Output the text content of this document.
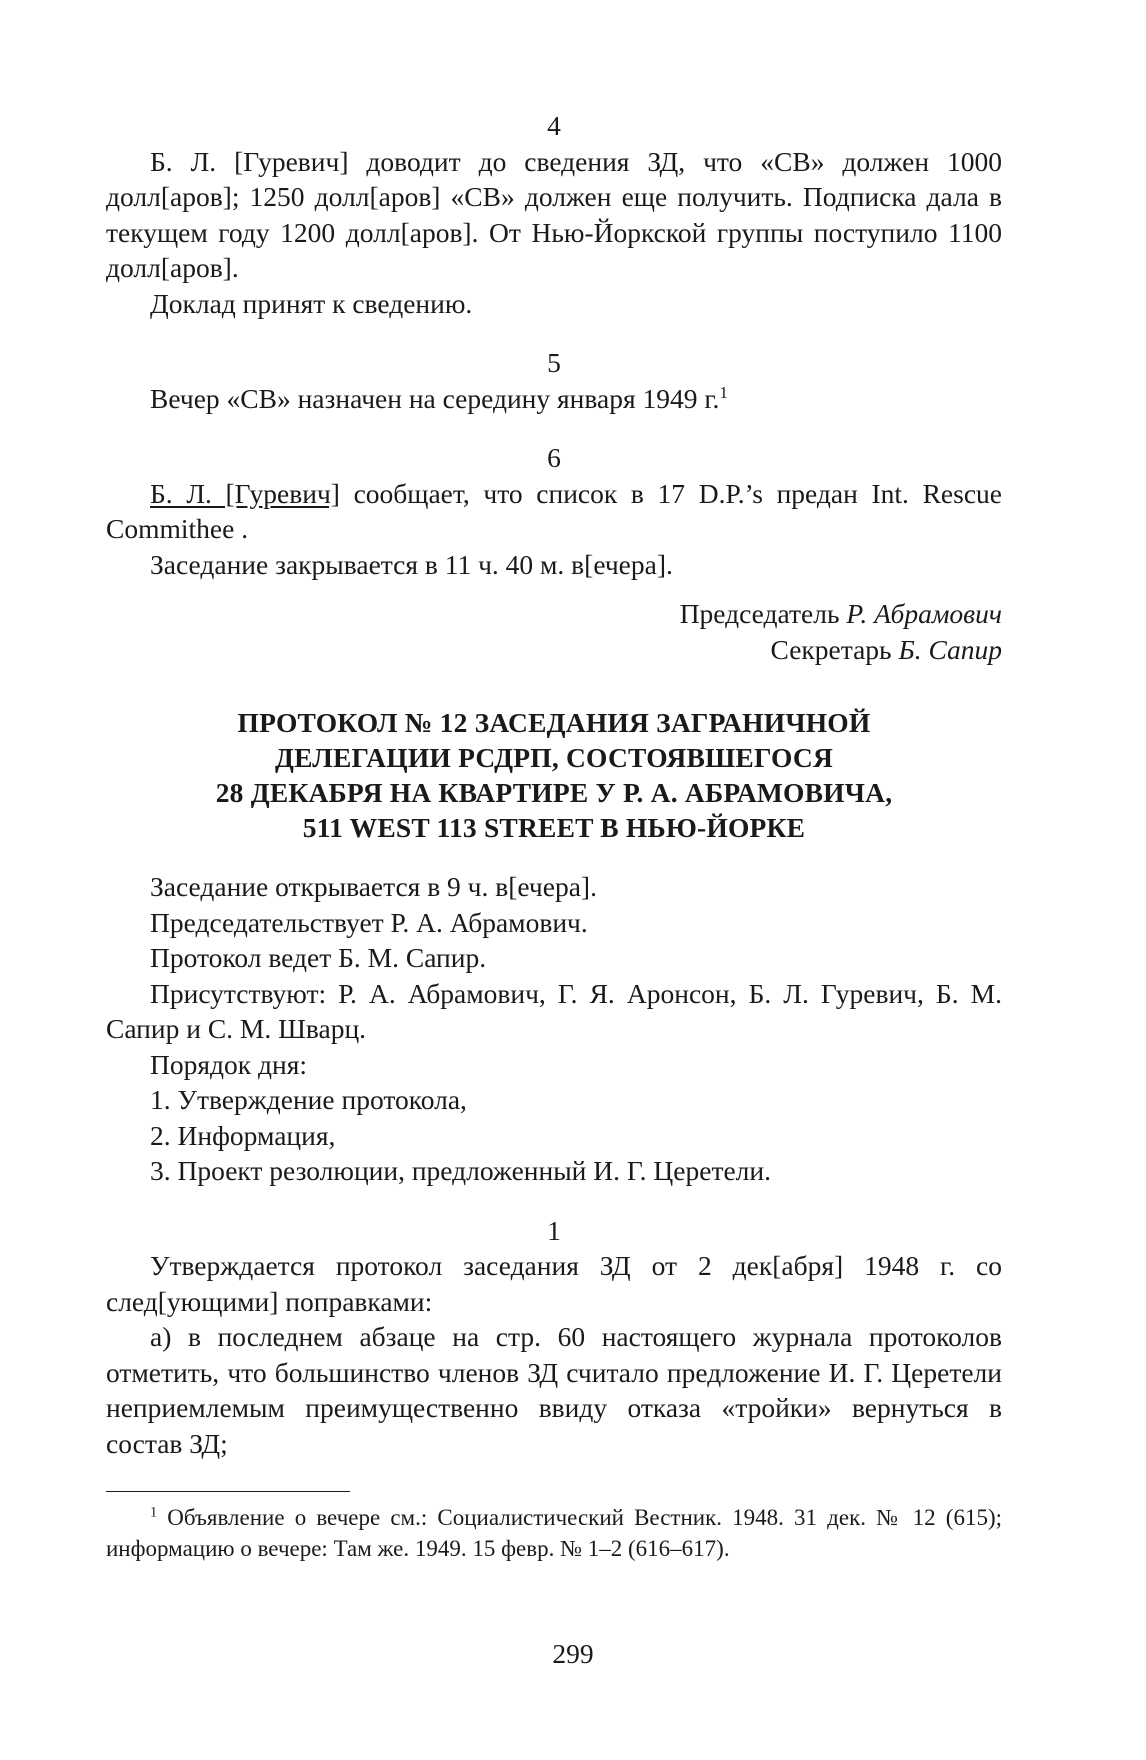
4

Б. Л. [Гуревич] доводит до сведения ЗД, что «СВ» должен 1000 долл[аров]; 1250 долл[аров] «СВ» должен еще получить. Подписка дала в текущем году 1200 долл[аров]. От Нью-Йоркской группы поступило 1100 долл[аров].

Доклад принят к сведению.

5

Вечер «СВ» назначен на середину января 1949 г.$^1$

6

Б. Л. [Гуревич] сообщает, что список в 17 D.P.’s предан Int. Rescue Commithee .

Заседание закрывается в 11 ч. 40 м. в[ечера].

Председатель Р. Абрамович

Секретарь Б. Сапир

ПРОТОКОЛ № 12 ЗАСЕДАНИЯ ЗАГРАНИЧНОЙ

ДЕЛЕГАЦИИ РСДРП, СОСТОЯВШЕГОСЯ

28 ДЕКАБРЯ НА КВАРТИРЕ У Р. А. АБРАМОВИЧА,

511 WEST 113 STREET В НЬЮ-ЙОРКЕ

Заседание открывается в 9 ч. в[ечера].

Председательствует Р. А. Абрамович.

Протокол ведет Б. М. Сапир.

Присутствуют: Р. А. Абрамович, Г. Я. Аронсон, Б. Л. Гуревич, Б. М. Сапир и С. М. Шварц.

Порядок дня:

1. Утверждение протокола,

2. Информация,

3. Проект резолюции, предложенный И. Г. Церетели.

1

Утверждается протокол заседания ЗД от 2 дек[абря] 1948 г. со след[ующими] поправками:

а) в последнем абзаце на стр. 60 настоящего журнала протоколов отметить, что большинство членов ЗД считало предложение И. Г. Церетели неприемлемым преимущественно ввиду отказа «тройки» вернуться в состав ЗД;

$^1$ Объявление о вечере см.: Социалистический Вестник. 1948. 31 дек. № 12 (615); информацию о вечере: Там же. 1949. 15 февр. № 1–2 (616–617).

299
